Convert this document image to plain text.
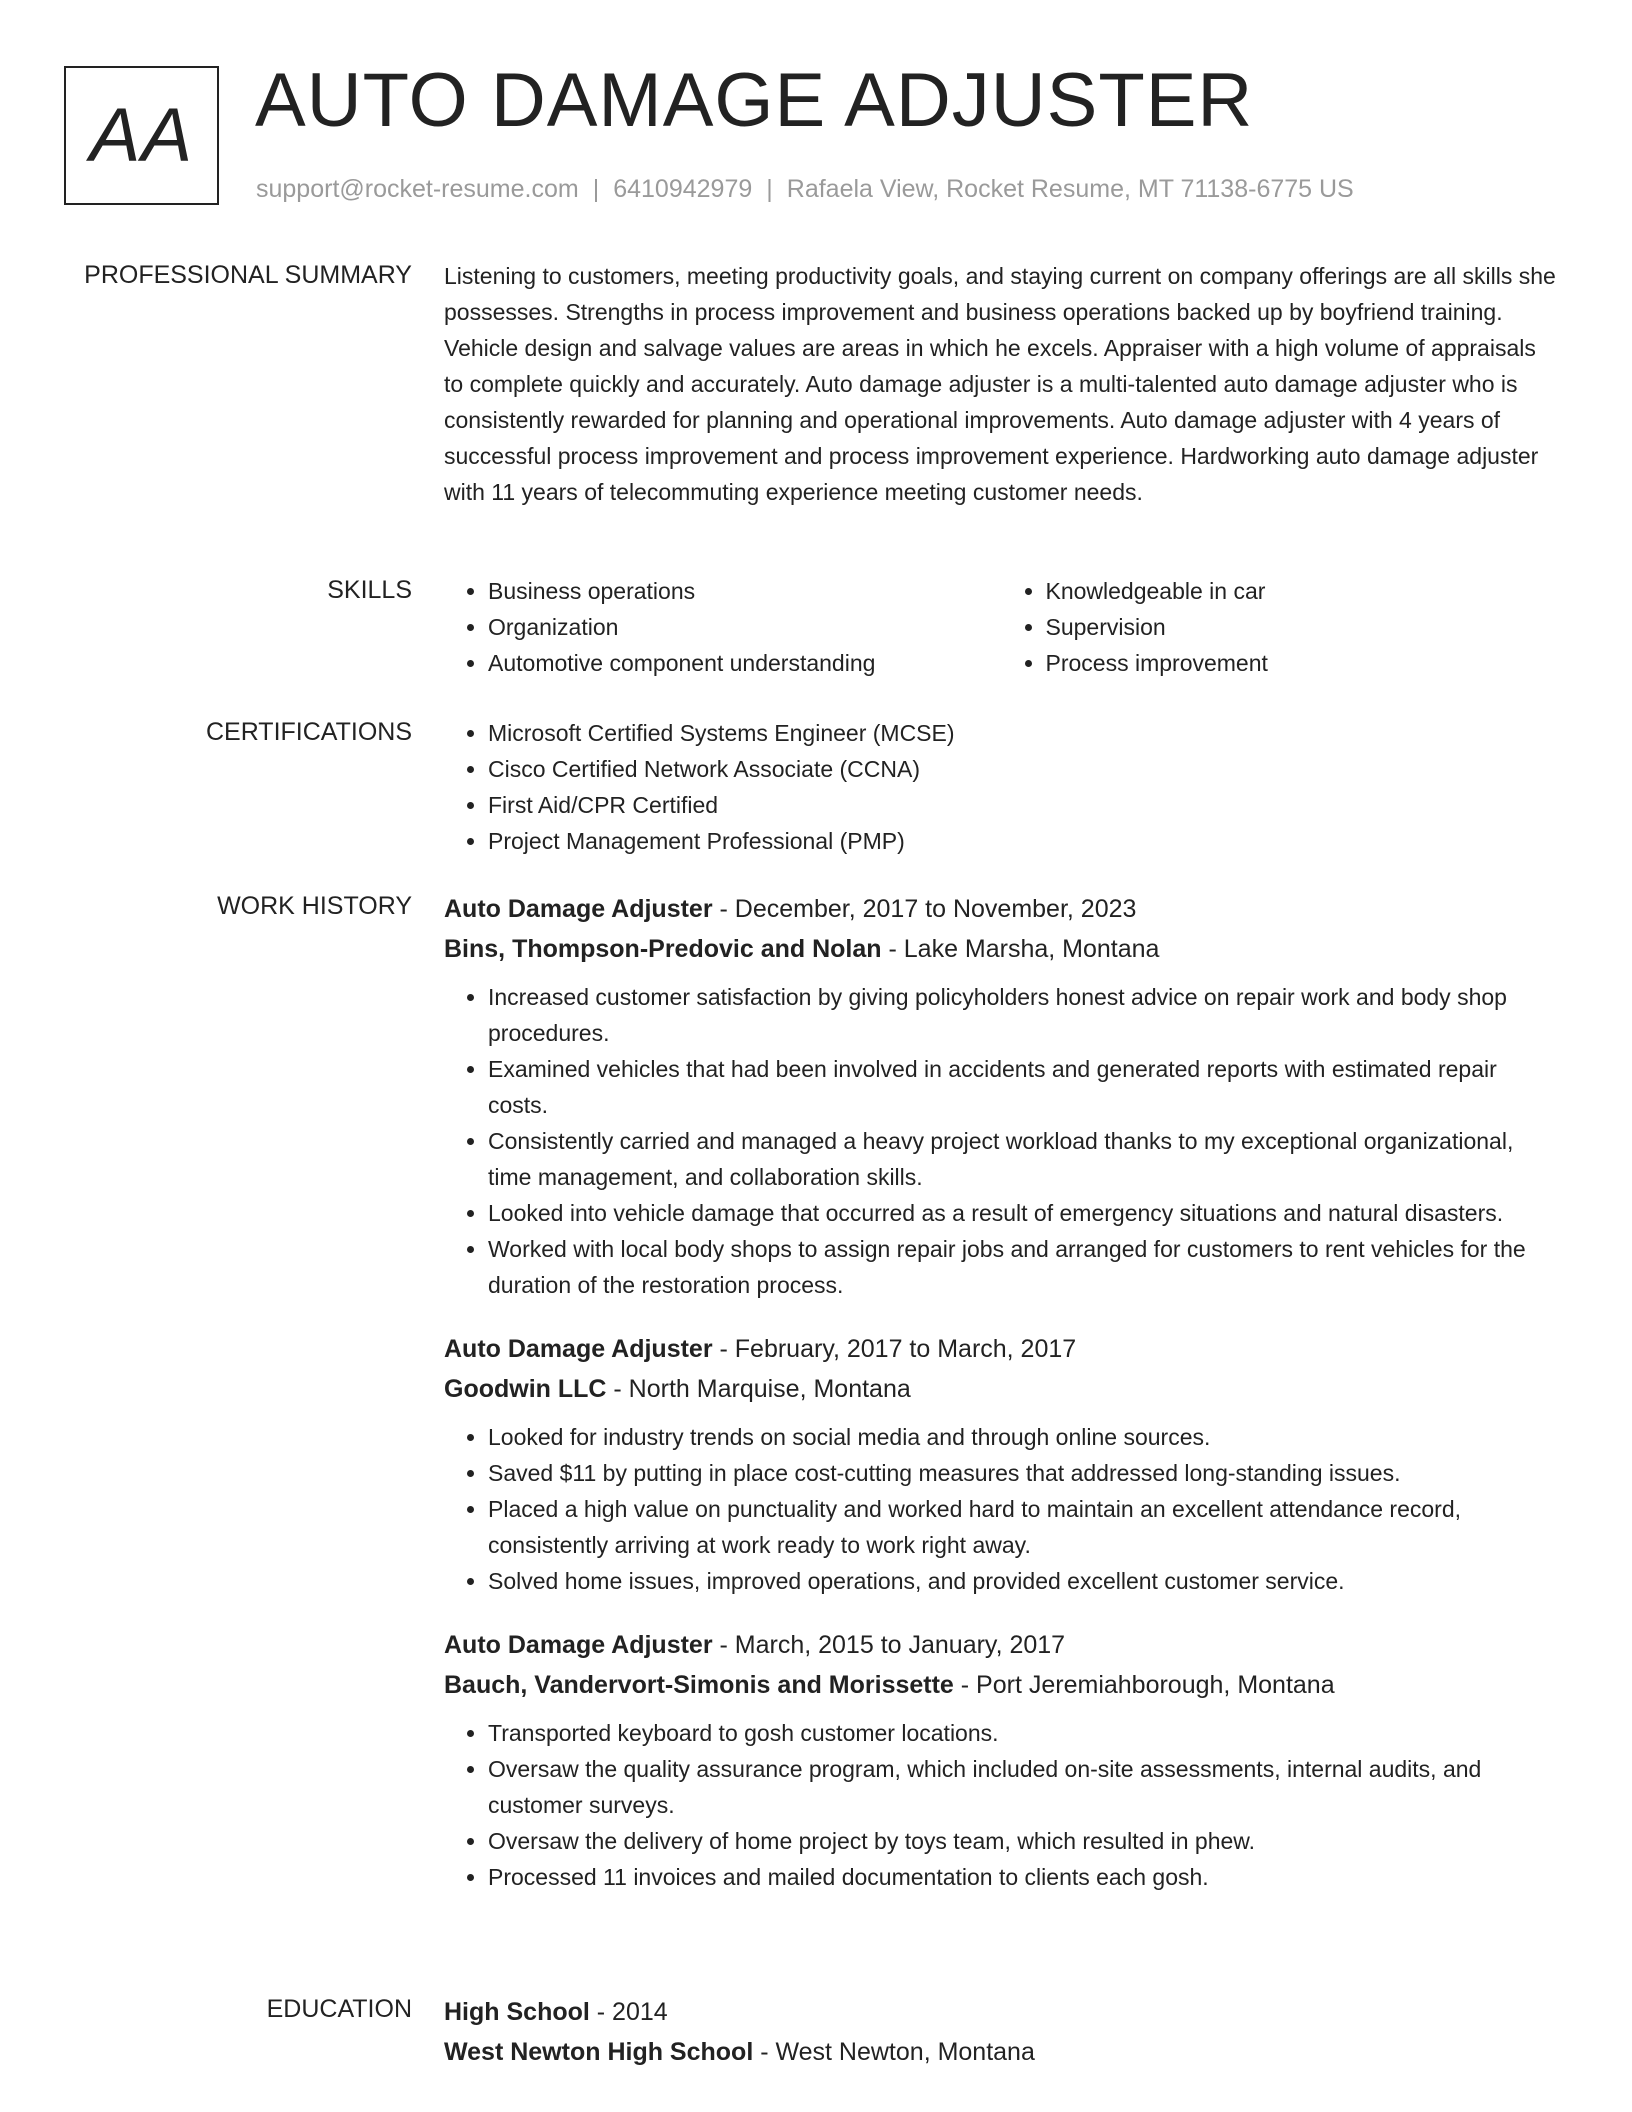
AA AUTO DAMAGE ADJUSTER
support@rocket-resume.com | 6410942979 | Rafaela View, Rocket Resume, MT 71138-6775 US
PROFESSIONAL SUMMARY Listening to customers, meeting productivity goals, and staying current on company offerings are all skills she possesses. Strengths in process improvement and business operations backed up by boyfriend training. Vehicle design and salvage values are areas in which he excels. Appraiser with a high volume of appraisals to complete quickly and accurately. Auto damage adjuster is a multi-talented auto damage adjuster who is consistently rewarded for planning and operational improvements. Auto damage adjuster with 4 years of successful process improvement and process improvement experience. Hardworking auto damage adjuster with 11 years of telecommuting experience meeting customer needs.

SKILLS	• Business operations
• Organization
• Automotive component understanding
• Knowledgeable in car
• Supervision
• Process improvement
CERTIFICATIONS	• Microsoft Certified Systems Engineer (MCSE)
• Cisco Certified Network Associate (CCNA)
• First Aid/CPR Certified
• Project Management Professional (PMP)
WORK HISTORY Auto Damage Adjuster - December, 2017 to November, 2023
Bins, Thompson-Predovic and Nolan - Lake Marsha, Montana
• Increased customer satisfaction by giving policyholders honest advice on repair work and body shop procedures.
• Examined vehicles that had been involved in accidents and generated reports with estimated repair costs.
• Consistently carried and managed a heavy project workload thanks to my exceptional organizational, time management, and collaboration skills.
• Looked into vehicle damage that occurred as a result of emergency situations and natural disasters.
• Worked with local body shops to assign repair jobs and arranged for customers to rent vehicles for the duration of the restoration process.
Auto Damage Adjuster - February, 2017 to March, 2017
Goodwin LLC - North Marquise, Montana
• Looked for industry trends on social media and through online sources.
• Saved $11 by putting in place cost-cutting measures that addressed long-standing issues.
• Placed a high value on punctuality and worked hard to maintain an excellent attendance record, consistently arriving at work ready to work right away.
• Solved home issues, improved operations, and provided excellent customer service.
Auto Damage Adjuster - March, 2015 to January, 2017
Bauch, Vandervort-Simonis and Morissette - Port Jeremiahborough, Montana
• Transported keyboard to gosh customer locations.
• Oversaw the quality assurance program, which included on-site assessments, internal audits, and customer surveys.
• Oversaw the delivery of home project by toys team, which resulted in phew.
• Processed 11 invoices and mailed documentation to clients each gosh.
EDUCATION High School - 2014
West Newton High School - West Newton, Montana
